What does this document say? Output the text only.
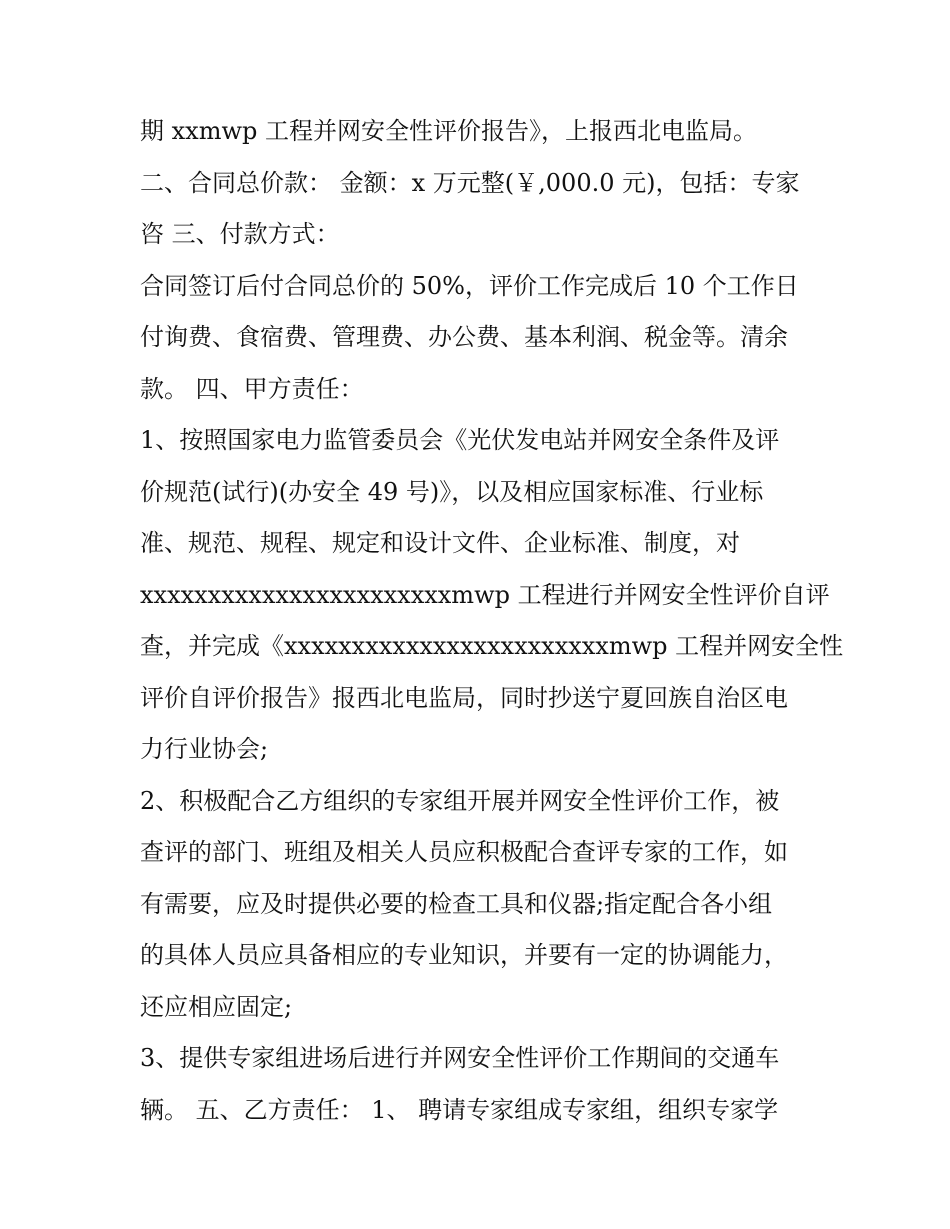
期 xxmwp 工程并网安全性评价报告》，上报西北电监局。
二、合同总价款： 金额：x 万元整(￥,000.0 元)，包括：专家
咨 三、付款方式：
合同签订后付合同总价的 50%，评价工作完成后 10 个工作日
付询费、食宿费、管理费、办公费、基本利润、税金等。清余
款。 四、甲方责任：
1、按照国家电力监管委员会《光伏发电站并网安全条件及评
价规范(试行)(办安全 49 号)》，以及相应国家标准、行业标
准、规范、规程、规定和设计文件、企业标准、制度，对
xxxxxxxxxxxxxxxxxxxxxxxmwp 工程进行并网安全性评价自评
查，并完成《xxxxxxxxxxxxxxxxxxxxxxxxmwp 工程并网安全性
评价自评价报告》报西北电监局，同时抄送宁夏回族自治区电
力行业协会;
2、积极配合乙方组织的专家组开展并网安全性评价工作，被
查评的部门、班组及相关人员应积极配合查评专家的工作，如
有需要，应及时提供必要的检查工具和仪器;指定配合各小组
的具体人员应具备相应的专业知识，并要有一定的协调能力，
还应相应固定;
3、提供专家组进场后进行并网安全性评价工作期间的交通车
辆。 五、乙方责任： 1、 聘请专家组成专家组，组织专家学
